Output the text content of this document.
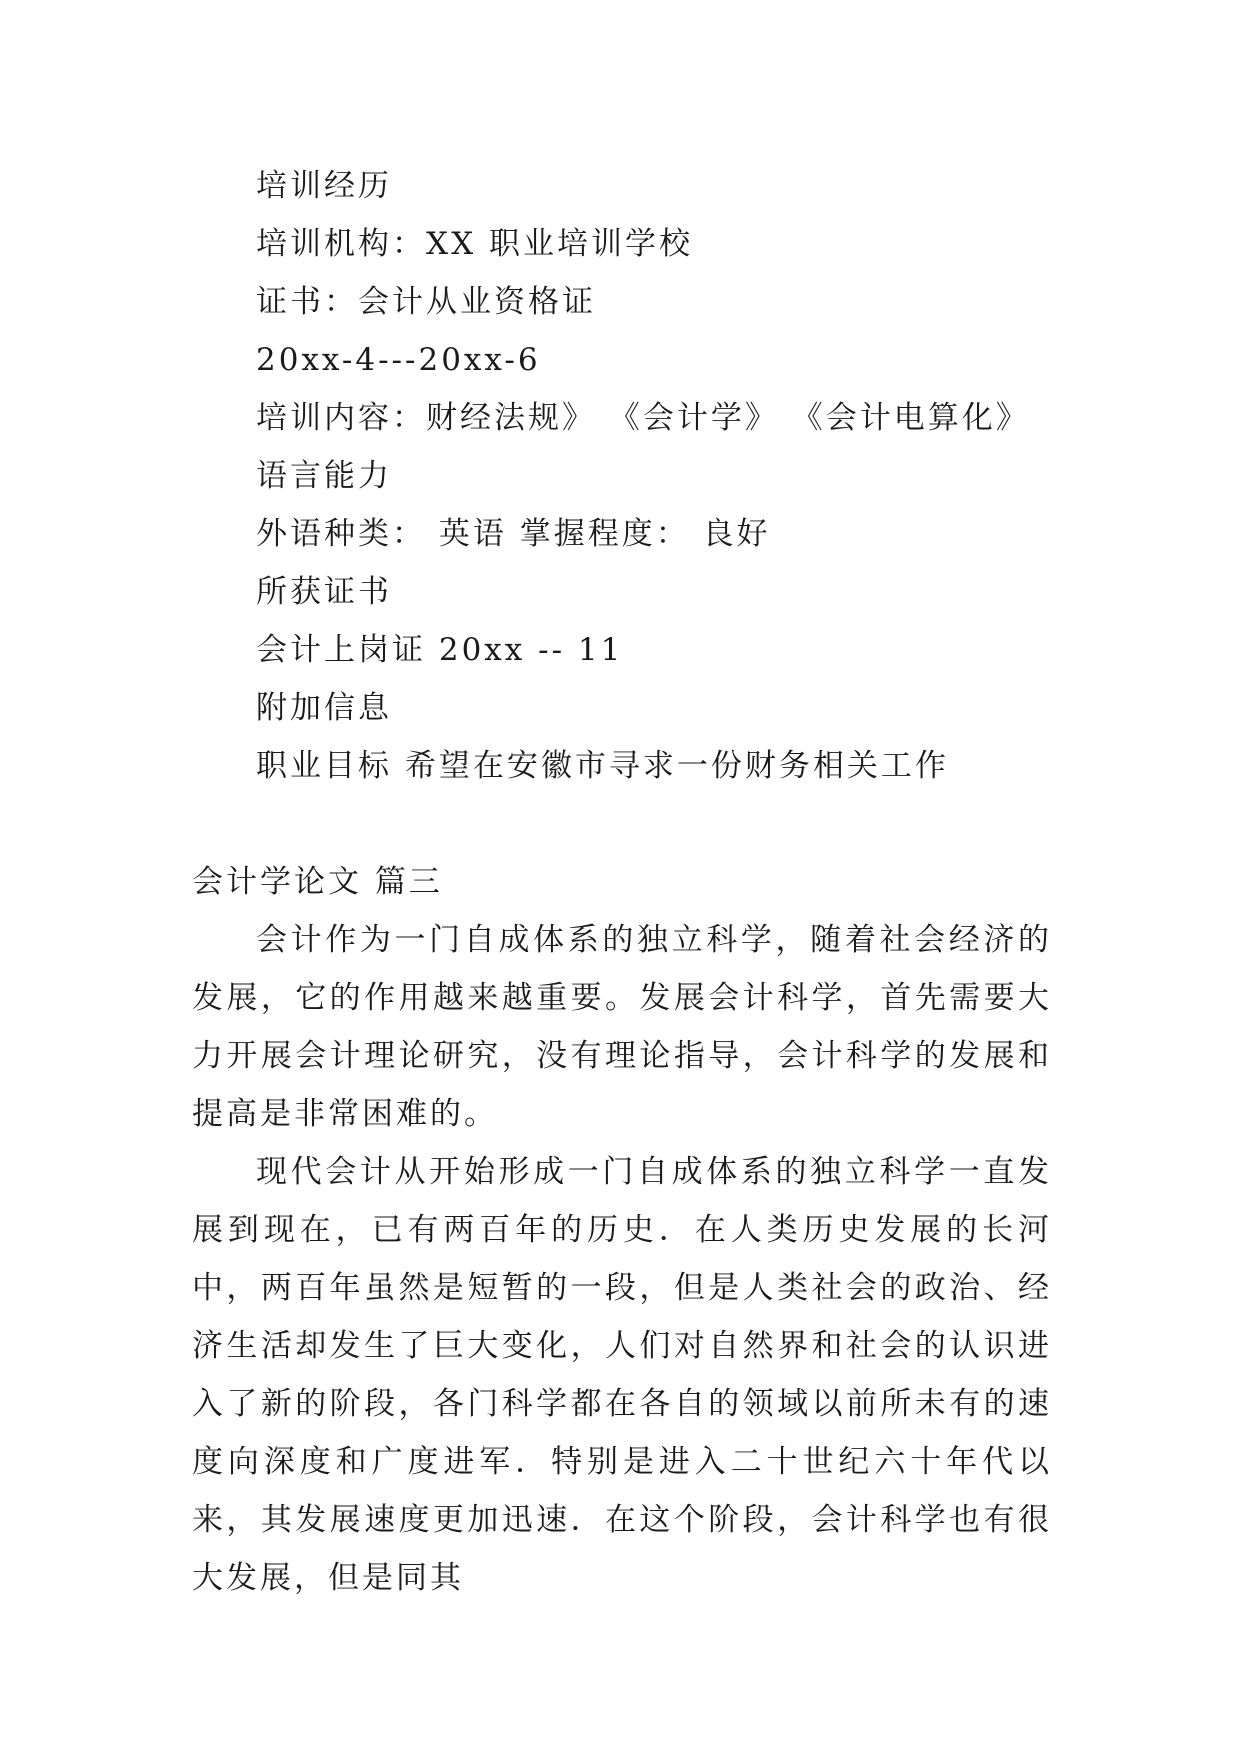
培训经历
培训机构：XX 职业培训学校
证书：会计从业资格证
20xx-4---20xx-6
培训内容：财经法规》 《会计学》 《会计电算化》
语言能力
外语种类： 英语 掌握程度： 良好
所获证书
会计上岗证 20xx -- 11
附加信息
职业目标 希望在安徽市寻求一份财务相关工作
会计学论文 篇三

会计作为一门自成体系的独立科学，随着社会经济的发展，它的作用越来越重要。发展会计科学，首先需要大力开展会计理论研究，没有理论指导，会计科学的发展和提高是非常困难的。

现代会计从开始形成一门自成体系的独立科学一直发展到现在，已有两百年的历史．在人类历史发展的长河中，两百年虽然是短暂的一段，但是人类社会的政治、经济生活却发生了巨大变化，人们对自然界和社会的认识进入了新的阶段，各门科学都在各自的领域以前所未有的速度向深度和广度进军．特别是进入二十世纪六十年代以来，其发展速度更加迅速．在这个阶段，会计科学也有很大发展，但是同其
